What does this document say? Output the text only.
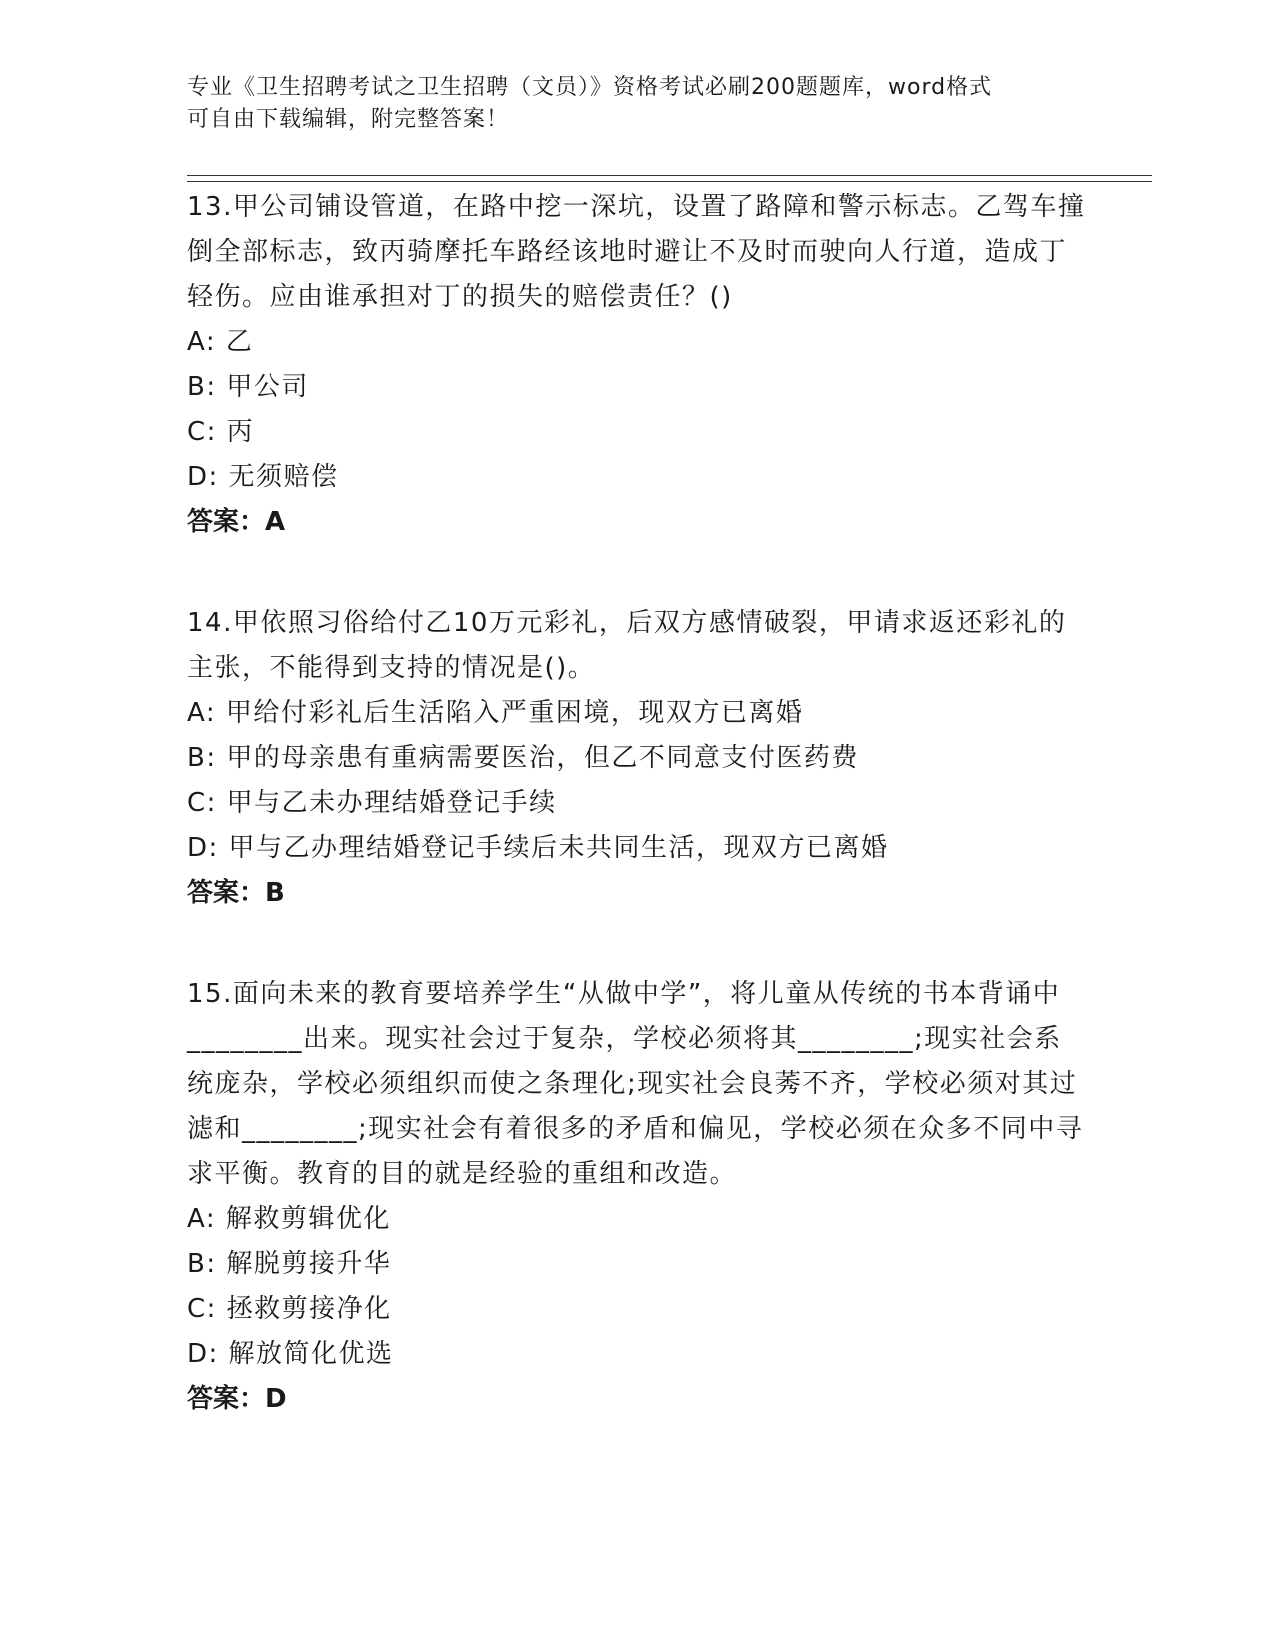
专业《卫生招聘考试之卫生招聘（文员）》资格考试必刷200题题库，word格式
可自由下载编辑，附完整答案！

13.甲公司铺设管道，在路中挖一深坑，设置了路障和警示标志。乙驾车撞倒全部标志，致丙骑摩托车路经该地时避让不及时而驶向人行道，造成丁轻伤。应由谁承担对丁的损失的赔偿责任？()

A: 乙

B: 甲公司

C: 丙

D: 无须赔偿

答案：A

14.甲依照习俗给付乙10万元彩礼，后双方感情破裂，甲请求返还彩礼的主张，不能得到支持的情况是()。

A: 甲给付彩礼后生活陷入严重困境，现双方已离婚

B: 甲的母亲患有重病需要医治，但乙不同意支付医药费

C: 甲与乙未办理结婚登记手续

D: 甲与乙办理结婚登记手续后未共同生活，现双方已离婚

答案：B

15.面向未来的教育要培养学生“从做中学”，将儿童从传统的书本背诵中________出来。现实社会过于复杂，学校必须将其________;现实社会系统庞杂，学校必须组织而使之条理化;现实社会良莠不齐，学校必须对其过滤和________;现实社会有着很多的矛盾和偏见，学校必须在众多不同中寻求平衡。教育的目的就是经验的重组和改造。

A: 解救剪辑优化

B: 解脱剪接升华

C: 拯救剪接净化

D: 解放简化优选

答案：D
